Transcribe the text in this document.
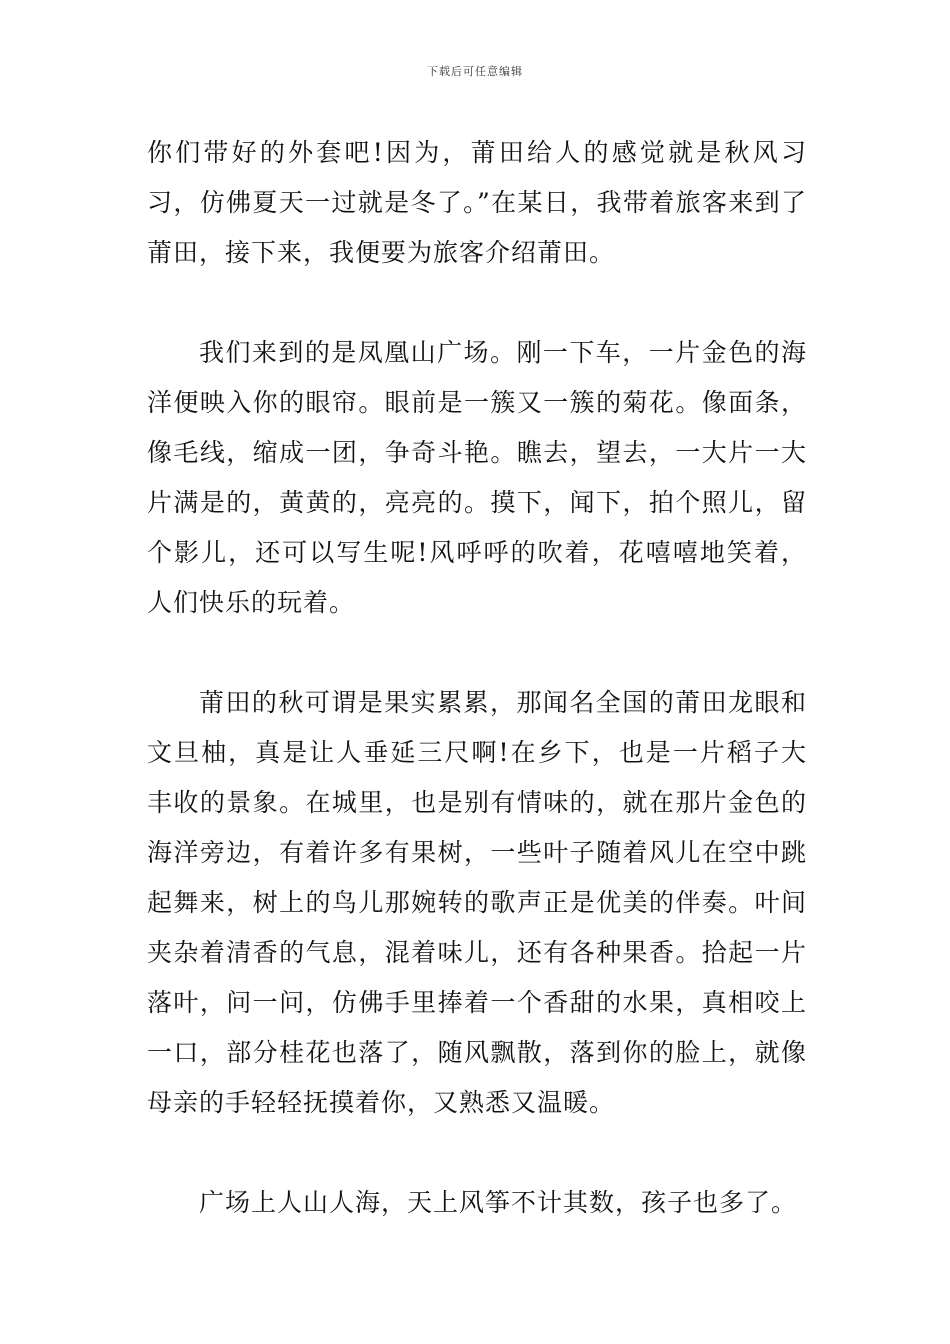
下载后可任意编辑

你们带好的外套吧!因为，莆田给人的感觉就是秋风习习，仿佛夏天一过就是冬了。”在某日，我带着旅客来到了莆田，接下来，我便要为旅客介绍莆田。

我们来到的是凤凰山广场。刚一下车，一片金色的海洋便映入你的眼帘。眼前是一簇又一簇的菊花。像面条，像毛线，缩成一团，争奇斗艳。瞧去，望去，一大片一大片满是的，黄黄的，亮亮的。摸下，闻下，拍个照儿，留个影儿，还可以写生呢!风呼呼的吹着，花嘻嘻地笑着，人们快乐的玩着。

莆田的秋可谓是果实累累，那闻名全国的莆田龙眼和文旦柚，真是让人垂延三尺啊!在乡下，也是一片稻子大丰收的景象。在城里，也是别有情味的，就在那片金色的海洋旁边，有着许多有果树，一些叶子随着风儿在空中跳起舞来，树上的鸟儿那婉转的歌声正是优美的伴奏。叶间夹杂着清香的气息，混着味儿，还有各种果香。拾起一片落叶，问一问，仿佛手里捧着一个香甜的水果，真相咬上一口，部分桂花也落了，随风飘散，落到你的脸上，就像母亲的手轻轻抚摸着你，又熟悉又温暖。

广场上人山人海，天上风筝不计其数，孩子也多了。
